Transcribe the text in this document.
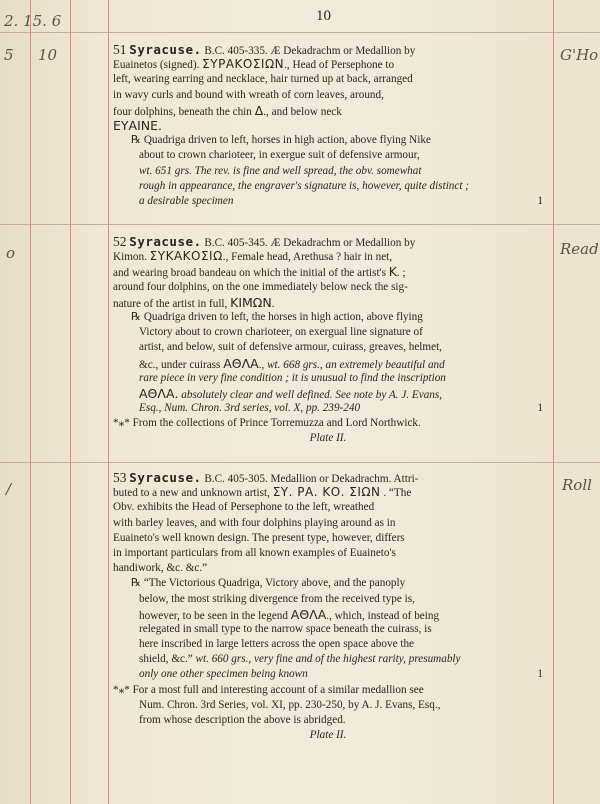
10
2. 15. 6
5 10	G'Ho
o	Read
/	Roll
51 Syracuse. B.C. 405-335. Æ Dekadrachm or Medallion by
Euainetos (signed). ΣΥΡΑΚΟΣΙΩΝ., Head of Persephone to
left, wearing earring and necklace, hair turned up at back, arranged
in wavy curls and bound with wreath of corn leaves, around,
four dolphins, beneath the chin Δ., and below neck
ΕΥΑΙΝΕ.
℞ Quadriga driven to left, horses in high action, above flying Nike
about to crown charioteer, in exergue suit of defensive armour,
wt. 651 grs. The rev. is fine and well spread, the obv. somewhat
rough in appearance, the engraver's signature is, however, quite distinct ;
a desirable specimen	1
52 Syracuse. B.C. 405-345. Æ Dekadrachm or Medallion by
Kimon. ΣΥΚΑΚΟΣΙΩ., Female head, Arethusa ? hair in net,
and wearing broad bandeau on which the initial of the artist's Κ. ;
around four dolphins, on the one immediately below neck the sig-
nature of the artist in full, ΚΙΜΩΝ.
℞ Quadriga driven to left, the horses in high action, above flying
Victory about to crown charioteer, on exergual line signature of
artist, and below, suit of defensive armour, cuirass, greaves, helmet,
&c., under cuirass ΑΘΛΑ., wt. 668 grs., an extremely beautiful and
rare piece in very fine condition ; it is unusual to find the inscription
ΑΘΛΑ. absolutely clear and well defined. See note by A. J. Evans,
Esq., Num. Chron. 3rd series, vol. X, pp. 239-240	1
*⁎* From the collections of Prince Torremuzza and Lord Northwick.
Plate II.
53 Syracuse. B.C. 405-305. Medallion or Dekadrachm. Attri-
buted to a new and unknown artist, ΣΥ. ΡΑ. ΚΟ. ΣΙΩΝ . “The
Obv. exhibits the Head of Persephone to the left, wreathed
with barley leaves, and with four dolphins playing around as in
Euaineto's well known design. The present type, however, differs
in important particulars from all known examples of Euaineto's
handiwork, &c. &c.”
℞ “The Victorious Quadriga, Victory above, and the panoply
below, the most striking divergence from the received type is,
however, to be seen in the legend ΑΘΛΑ., which, instead of being
relegated in small type to the narrow space beneath the cuirass, is
here inscribed in large letters across the open space above the
shield, &c.” wt. 660 grs., very fine and of the highest rarity, presumably
only one other specimen being known	1
*⁎* For a most full and interesting account of a similar medallion see
Num. Chron. 3rd Series, vol. XI, pp. 230-250, by A. J. Evans, Esq.,
from whose description the above is abridged.
Plate II.
